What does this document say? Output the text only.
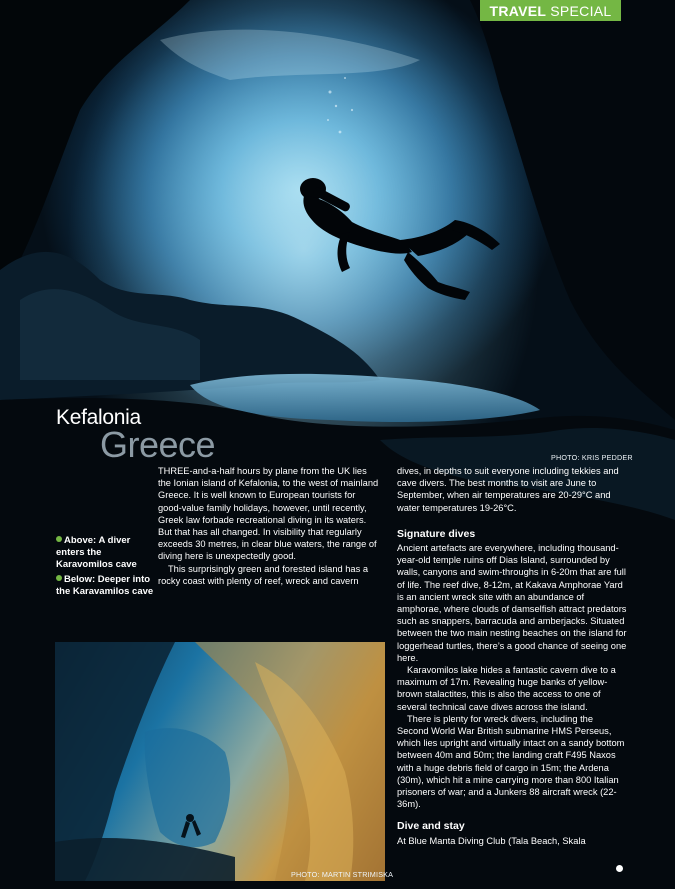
TRAVEL SPECIAL
Kefalonia
Greece	PHOTO: KRIS PEDDER
Above: A diver enters the Karavomilos cave
Below: Deeper into the Karavamilos cave

THREE-and-a-half hours by plane from the UK lies the Ionian island of Kefalonia, to the west of mainland Greece. It is well known to European tourists for good-value family holidays, however, until recently, Greek law forbade recreational diving in its waters. But that has all changed. In visibility that regularly exceeds 30 metres, in clear blue waters, the range of diving here is unexpectedly good.

This surprisingly green and forested island has a rocky coast with plenty of reef, wreck and cavern

dives, in depths to suit everyone including tekkies and cave divers. The best months to visit are June to September, when air temperatures are 20-29°C and water temperatures 19-26°C.

Signature dives

Ancient artefacts are everywhere, including thousand-year-old temple ruins off Dias Island, surrounded by walls, canyons and swim-throughs in 6-20m that are full of life. The reef dive, 8-12m, at Kakava Amphorae Yard is an ancient wreck site with an abundance of amphorae, where clouds of damselfish attract predators such as snappers, barracuda and amberjacks. Situated between the two main nesting beaches on the island for loggerhead turtles, there’s a good chance of seeing one here.

Karavomilos lake hides a fantastic cavern dive to a maximum of 17m. Revealing huge banks of yellow-brown stalactites, this is also the access to one of several technical cave dives across the island.

There is plenty for wreck divers, including the Second World War British submarine HMS Perseus, which lies upright and virtually intact on a sandy bottom between 40m and 50m; the landing craft F495 Naxos with a huge debris field of cargo in 15m; the Ardena (30m), which hit a mine carrying more than 800 Italian prisoners of war; and a Junkers 88 aircraft wreck (22-36m).

Dive and stay

At Blue Manta Diving Club (Tala Beach, Skala

PHOTO: MARTIN STRIMISKA
